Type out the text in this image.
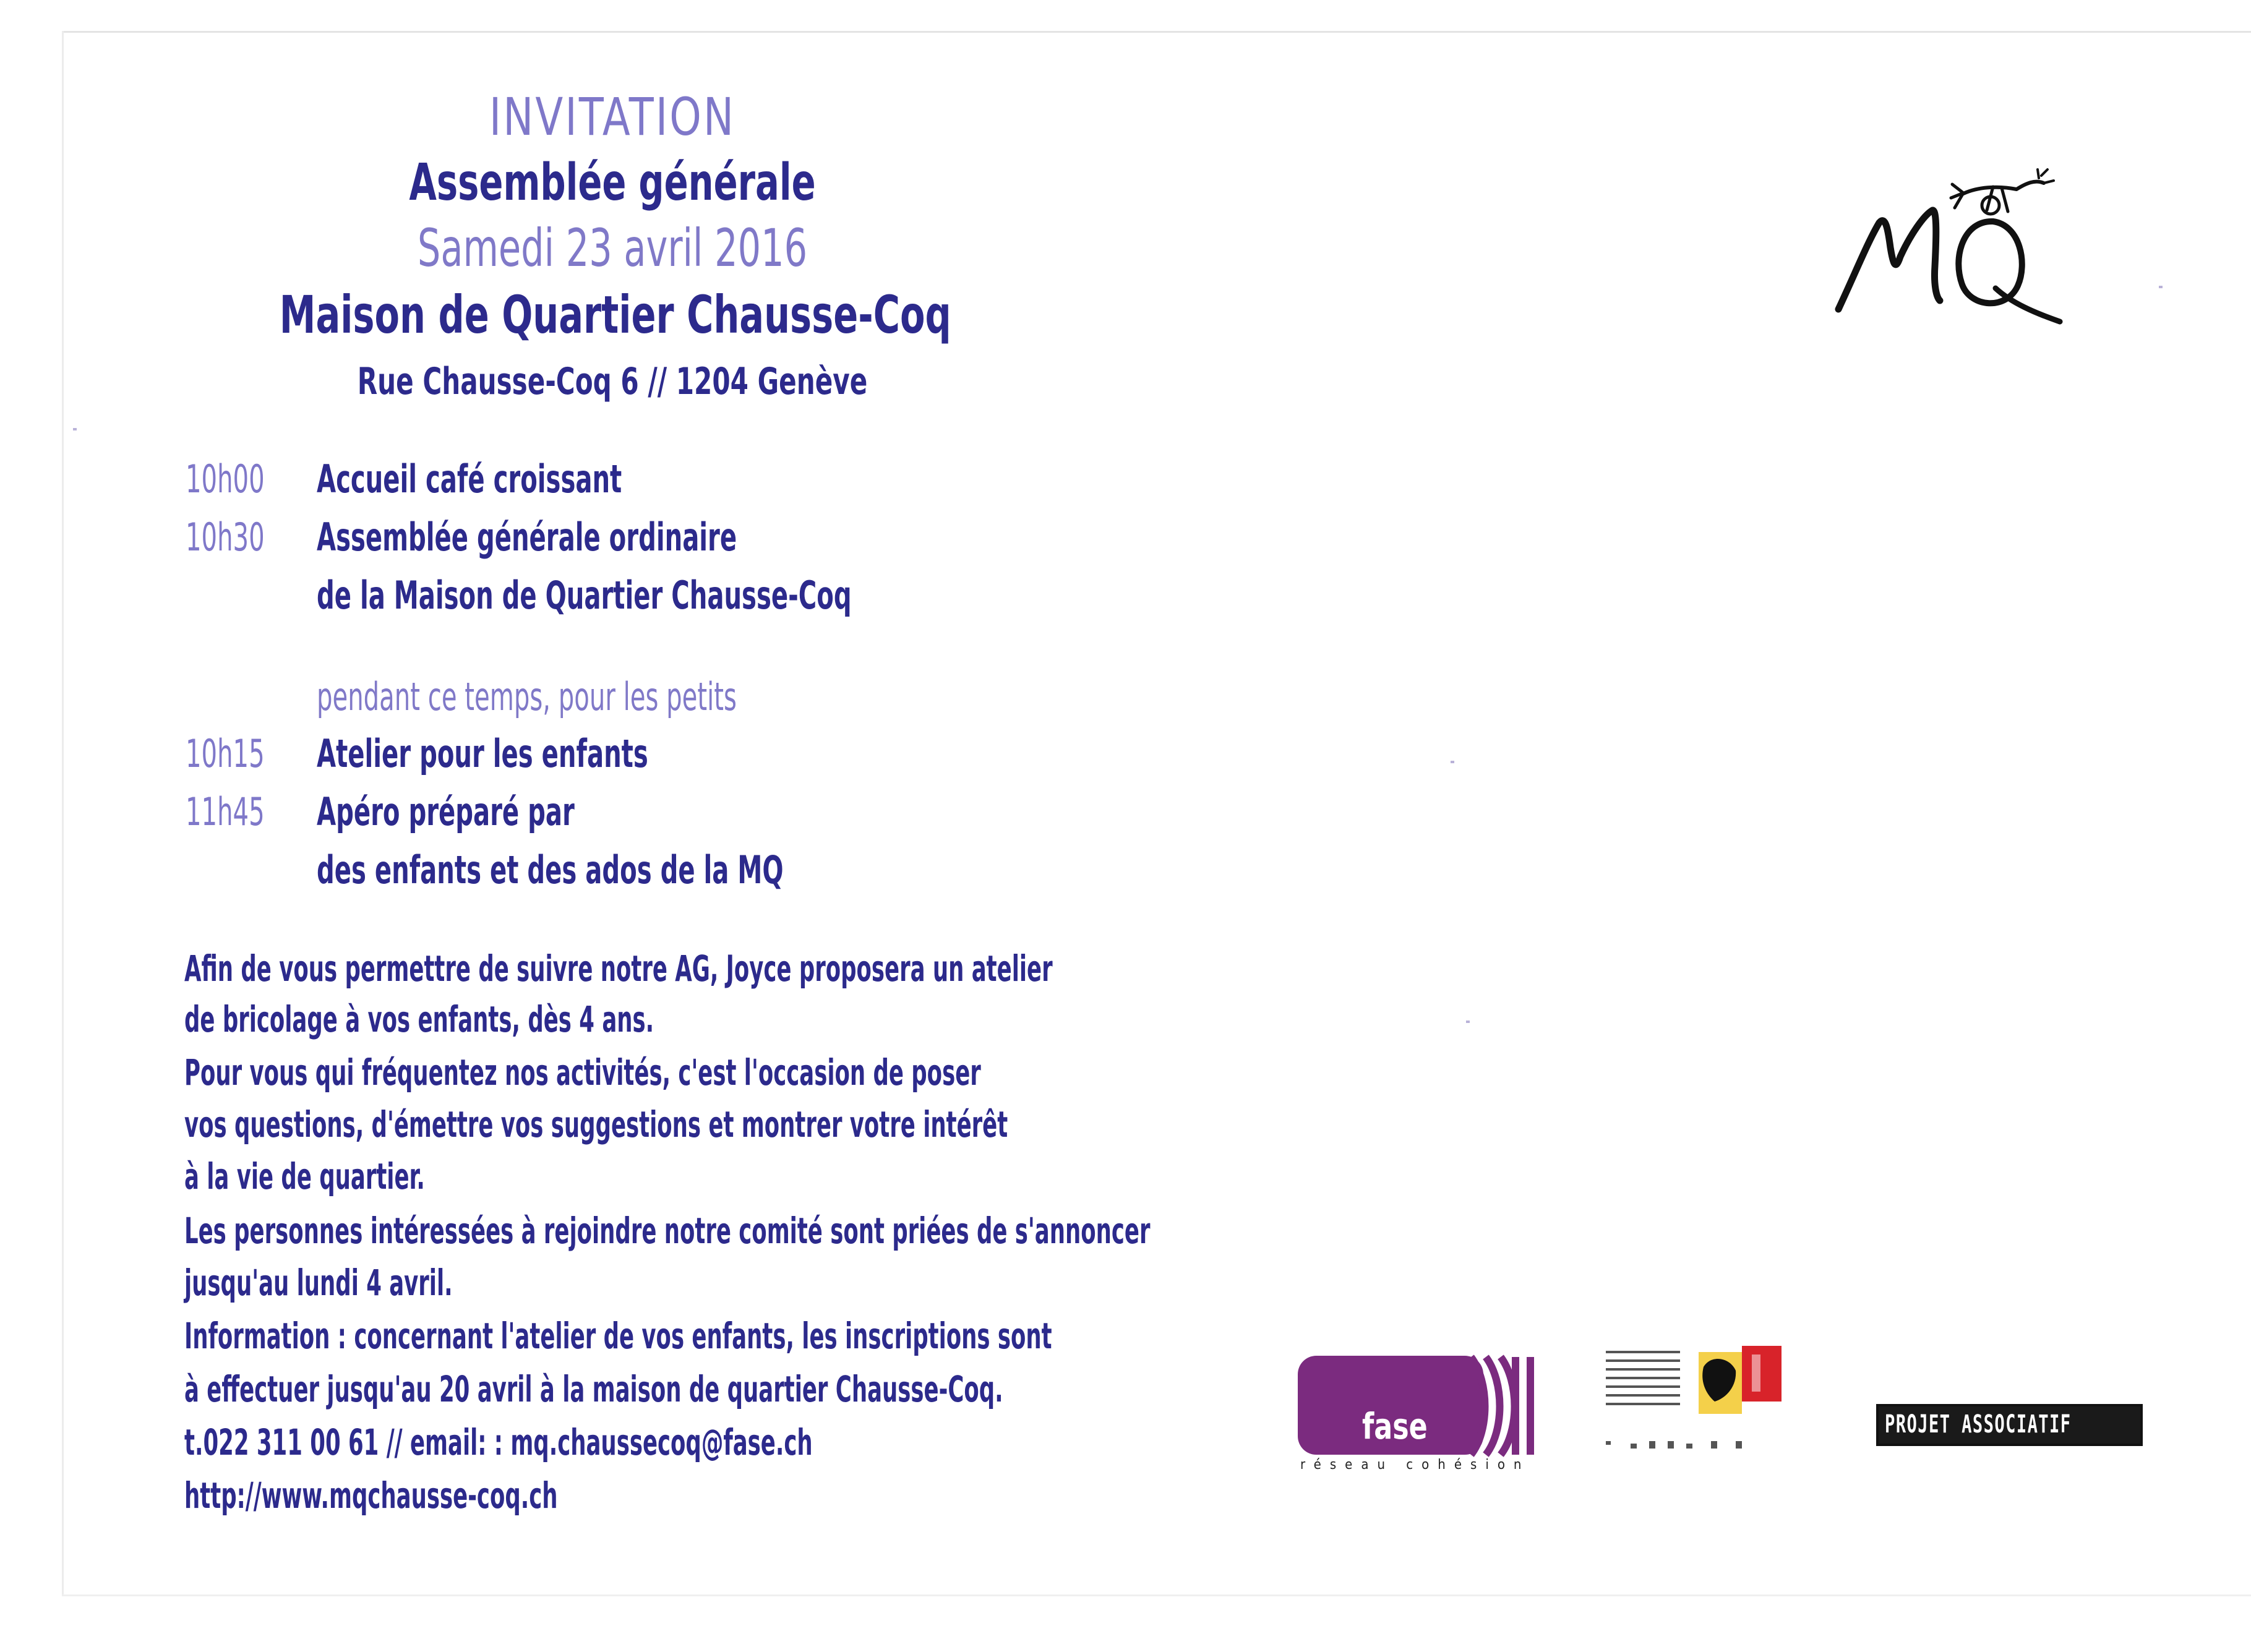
INVITATION
Assemblée générale
Samedi 23 avril 2016
Maison de Quartier Chausse-Coq
Rue Chausse-Coq 6 // 1204 Genève
10h00 Accueil café croissant
10h30 Assemblée générale ordinaire
de la Maison de Quartier Chausse-Coq
pendant ce temps, pour les petits
10h15 Atelier pour les enfants
11h45 Apéro préparé par
des enfants et des ados de la MQ
Afin de vous permettre de suivre notre AG, Joyce proposera un atelier
de bricolage à vos enfants, dès 4 ans.
Pour vous qui fréquentez nos activités, c'est l'occasion de poser
vos questions, d'émettre vos suggestions et montrer votre intérêt
à la vie de quartier.
Les personnes intéressées à rejoindre notre comité sont priées de s'annoncer
jusqu'au lundi 4 avril.
Information : concernant l'atelier de vos enfants, les inscriptions sont
à effectuer jusqu'au 20 avril à la maison de quartier Chausse-Coq.
t.022 311 00 61 // email: : mq.chaussecoq@fase.ch
http://www.mqchausse-coq.ch
fase
réseau cohésion
PROJET ASSOCIATIF
